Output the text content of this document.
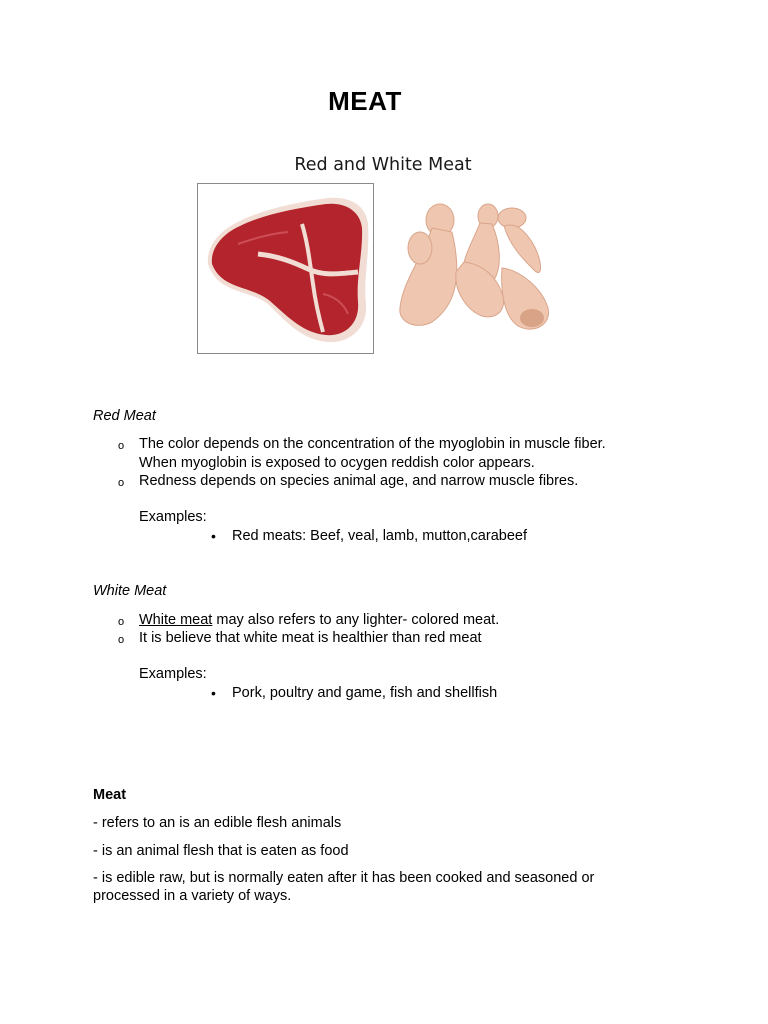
MEAT
Red and White Meat
Red Meat
o The color depends on the concentration of the myoglobin in muscle fiber.
When myoglobin is exposed to ocygen reddish color appears.
o Redness depends on species animal age, and narrow muscle fibres.
Examples:
• Red meats: Beef, veal, lamb, mutton,carabeef
White Meat
o White meat may also refers to any lighter- colored meat.
o It is believe that white meat is healthier than red meat
Examples:
• Pork, poultry and game, fish and shellfish
Meat
- refers to an is an edible flesh animals
- is an animal flesh that is eaten as food
- is edible raw, but is normally eaten after it has been cooked and seasoned or
processed in a variety of ways.
